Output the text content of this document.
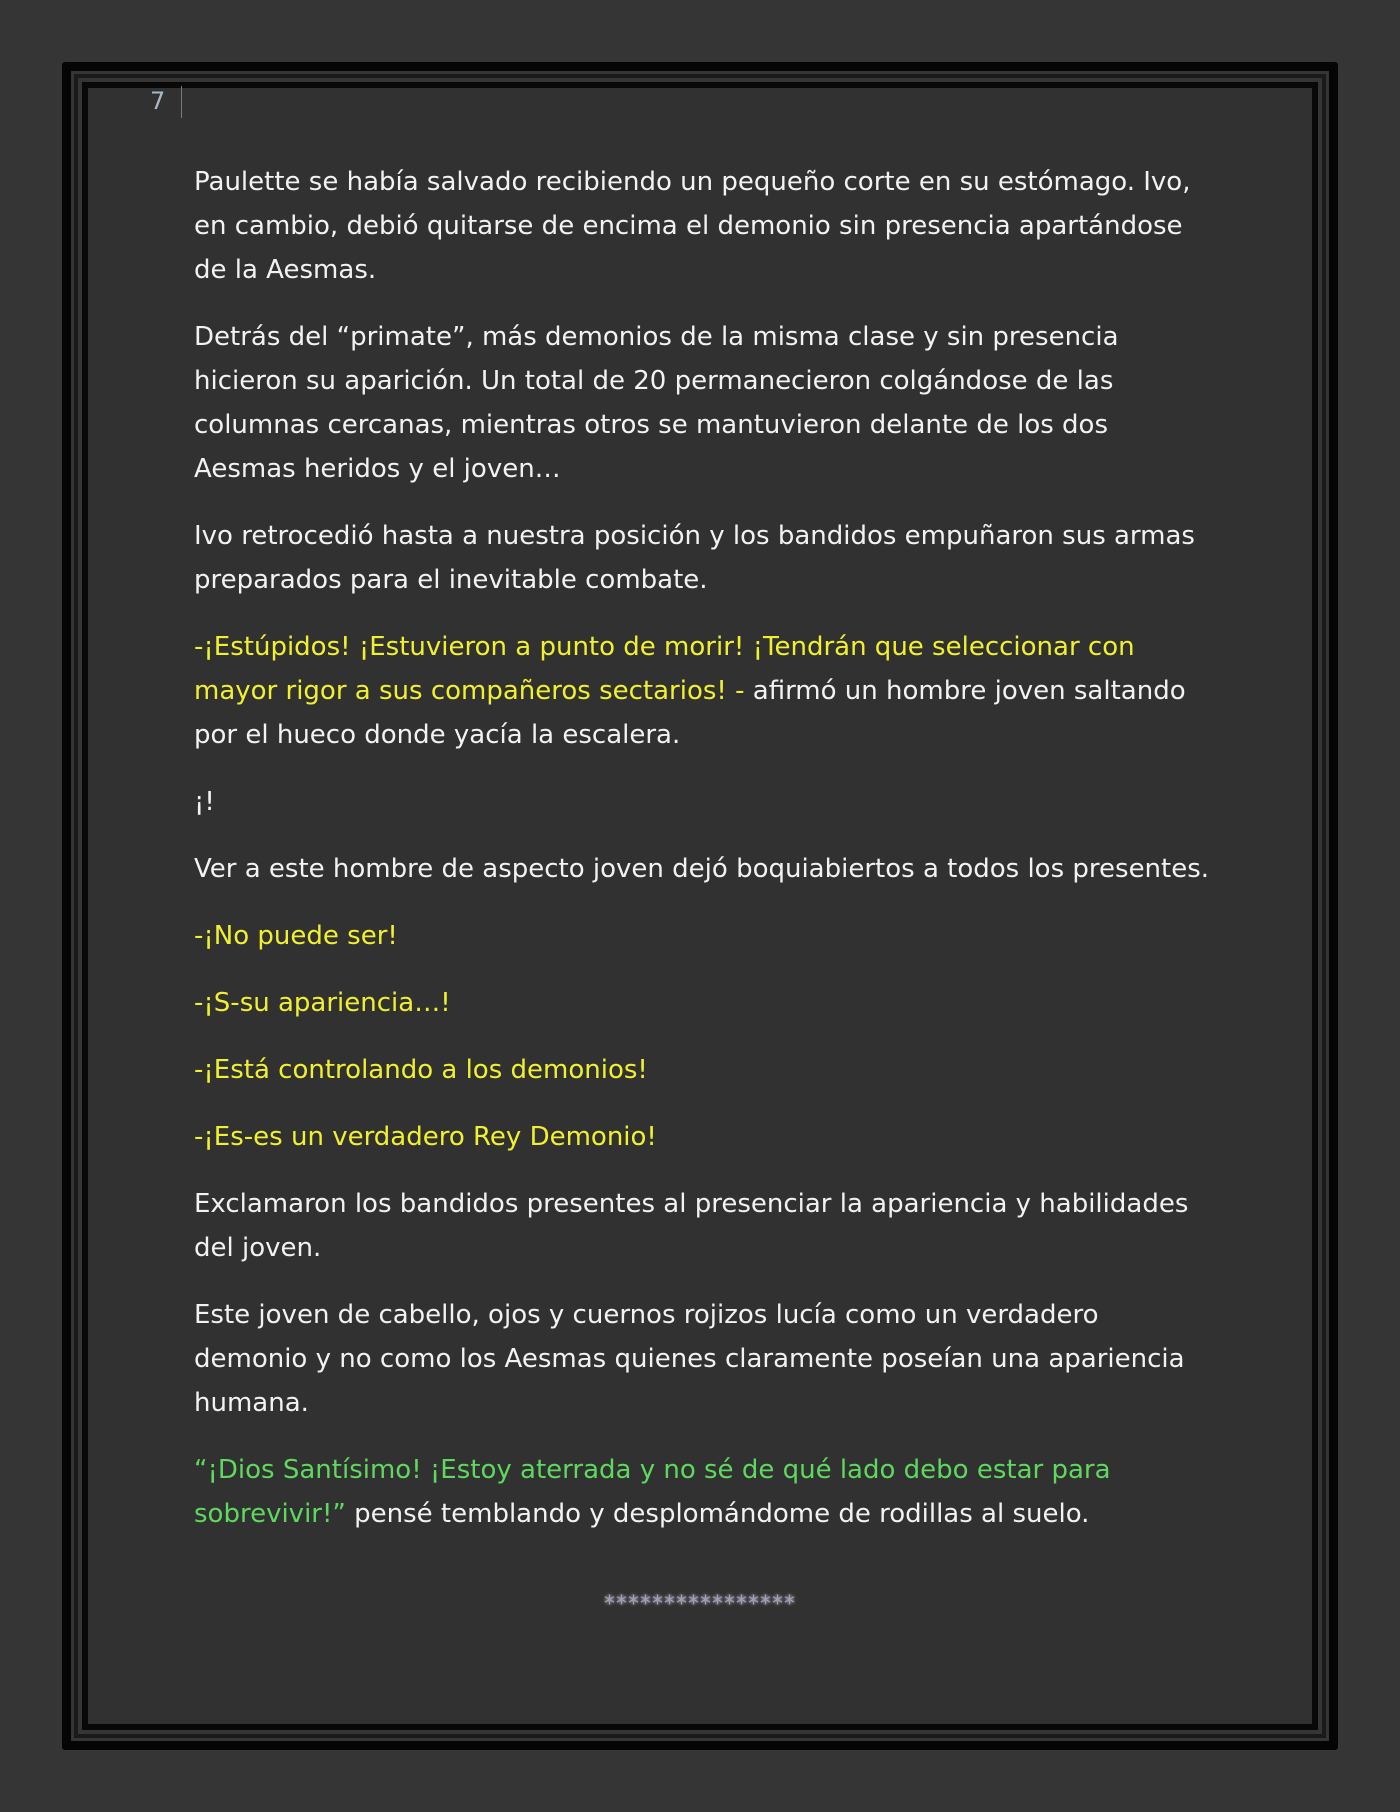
7

Paulette se había salvado recibiendo un pequeño corte en su estómago. Ivo, en cambio, debió quitarse de encima el demonio sin presencia apartándose de la Aesmas.

Detrás del “primate”, más demonios de la misma clase y sin presencia hicieron su aparición. Un total de 20 permanecieron colgándose de las columnas cercanas, mientras otros se mantuvieron delante de los dos Aesmas heridos y el joven…

Ivo retrocedió hasta a nuestra posición y los bandidos empuñaron sus armas preparados para el inevitable combate.

-¡Estúpidos! ¡Estuvieron a punto de morir! ¡Tendrán que seleccionar con mayor rigor a sus compañeros sectarios! - afirmó un hombre joven saltando por el hueco donde yacía la escalera.

¡!

Ver a este hombre de aspecto joven dejó boquiabiertos a todos los presentes.

-¡No puede ser!

-¡S-su apariencia…!

-¡Está controlando a los demonios!

-¡Es-es un verdadero Rey Demonio!

Exclamaron los bandidos presentes al presenciar la apariencia y habilidades del joven.

Este joven de cabello, ojos y cuernos rojizos lucía como un verdadero demonio y no como los Aesmas quienes claramente poseían una apariencia humana.

“¡Dios Santísimo! ¡Estoy aterrada y no sé de qué lado debo estar para sobrevivir!” pensé temblando y desplomándome de rodillas al suelo.

****************
